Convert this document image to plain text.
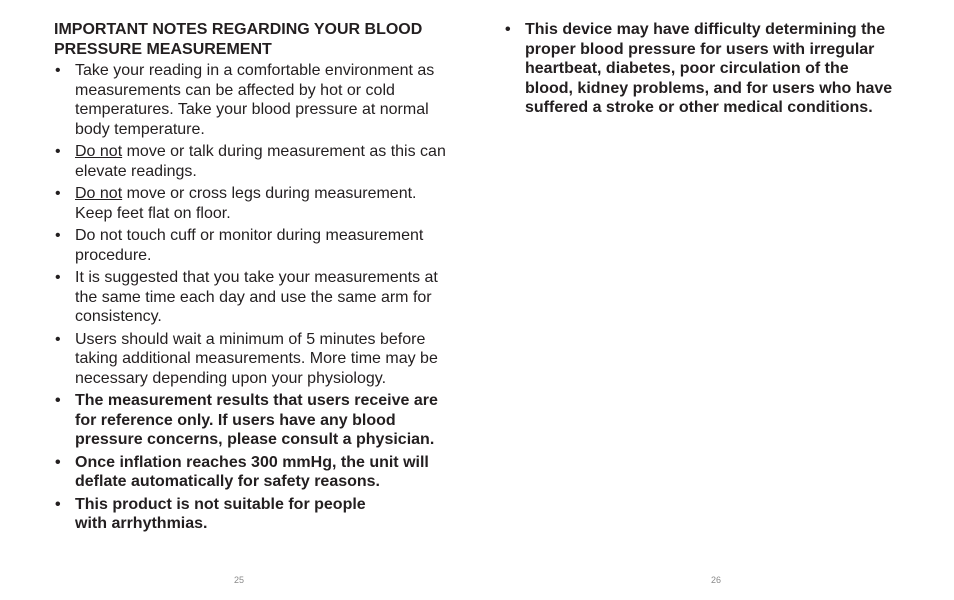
IMPORTANT NOTES REGARDING YOUR BLOOD PRESSURE MEASUREMENT
• Take your reading in a comfortable environment as measurements can be affected by hot or cold temperatures. Take your blood pressure at normal body temperature.
• Do not move or talk during measurement as this can elevate readings.
• Do not move or cross legs during measurement. Keep feet flat on floor.
• Do not touch cuff or monitor during measurement procedure.
• It is suggested that you take your measurements at the same time each day and use the same arm for consistency.
• Users should wait a minimum of 5 minutes before taking additional measurements. More time may be necessary depending upon your physiology.
• The measurement results that users receive are for reference only. If users have any blood pressure concerns, please consult a physician.
• Once inflation reaches 300 mmHg, the unit will deflate automatically for safety reasons.
• This product is not suitable for people with arrhythmias.
25
• This device may have difficulty determining the proper blood pressure for users with irregular heartbeat, diabetes, poor circulation of the blood, kidney problems, and for users who have suffered a stroke or other medical conditions.
26
